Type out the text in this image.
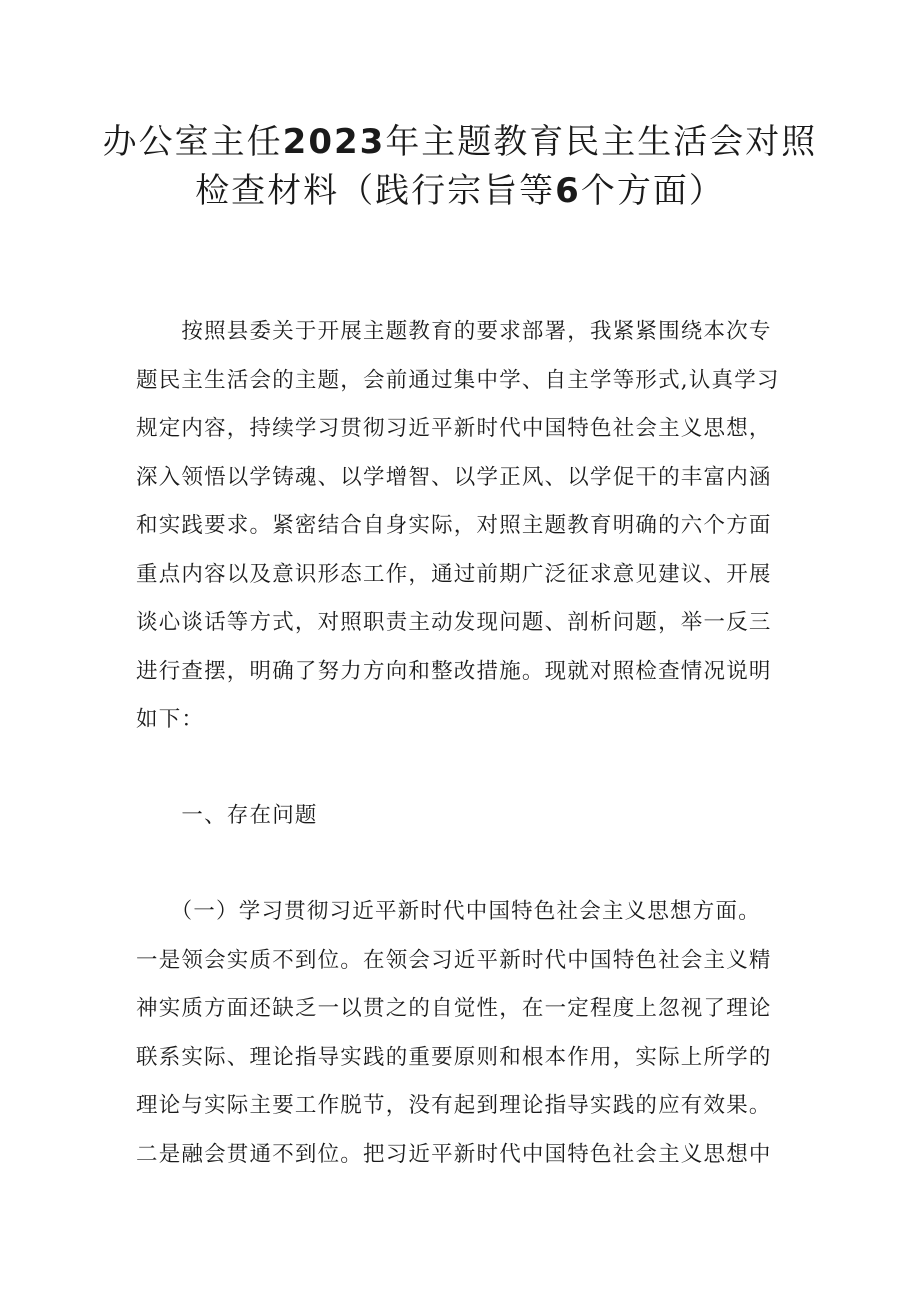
办公室主任2023年主题教育民主生活会对照
检查材料（践行宗旨等6个方面）

　　按照县委关于开展主题教育的要求部署，我紧紧围绕本次专
题民主生活会的主题，会前通过集中学、自主学等形式,认真学习
规定内容，持续学习贯彻习近平新时代中国特色社会主义思想，
深入领悟以学铸魂、以学增智、以学正风、以学促干的丰富内涵
和实践要求。紧密结合自身实际，对照主题教育明确的六个方面
重点内容以及意识形态工作，通过前期广泛征求意见建议、开展
谈心谈话等方式，对照职责主动发现问题、剖析问题，举一反三
进行查摆，明确了努力方向和整改措施。现就对照检查情况说明
如下：

　　一、存在问题

　　（一）学习贯彻习近平新时代中国特色社会主义思想方面。
一是领会实质不到位。在领会习近平新时代中国特色社会主义精
神实质方面还缺乏一以贯之的自觉性，在一定程度上忽视了理论
联系实际、理论指导实践的重要原则和根本作用，实际上所学的
理论与实际主要工作脱节，没有起到理论指导实践的应有效果。
二是融会贯通不到位。把习近平新时代中国特色社会主义思想中
